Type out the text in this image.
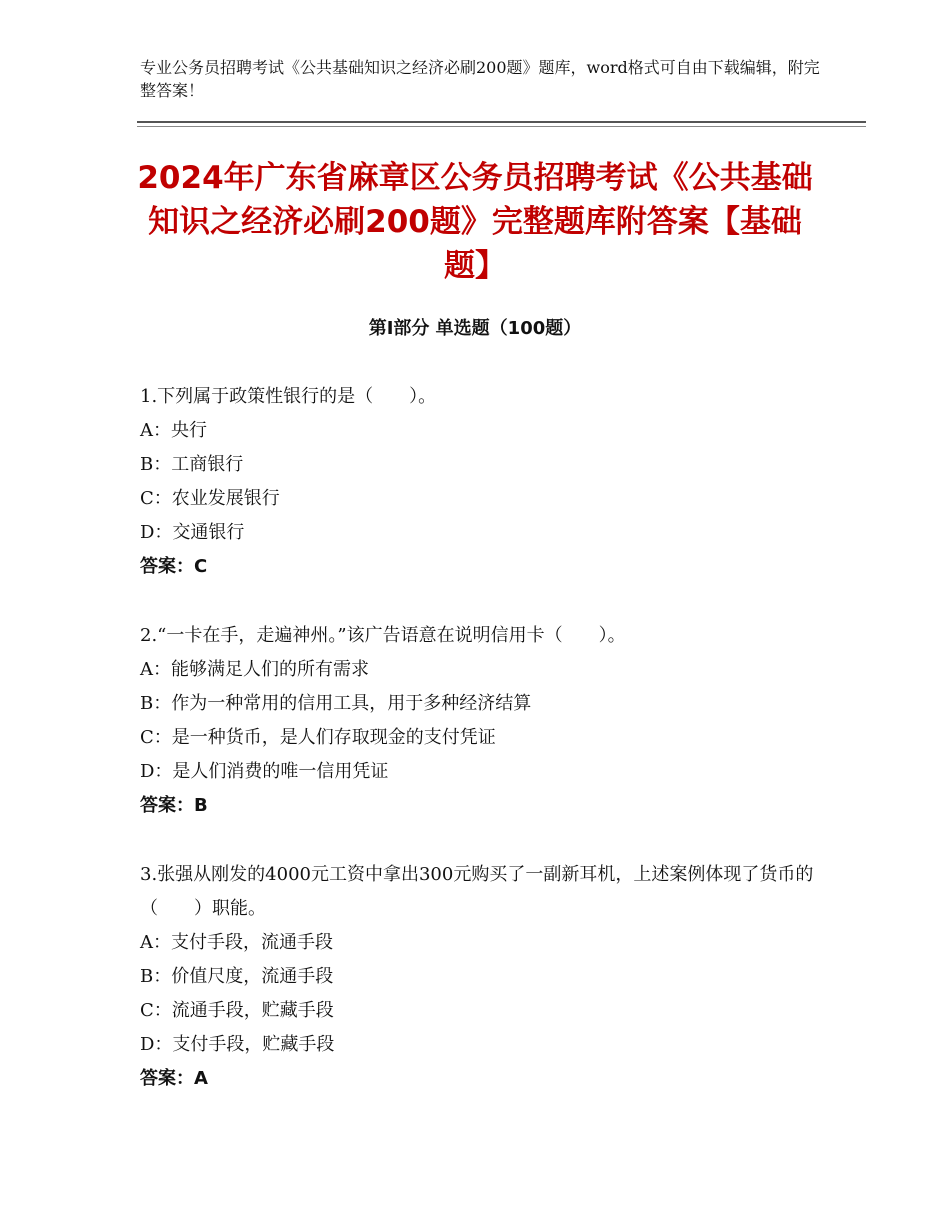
专业公务员招聘考试《公共基础知识之经济必刷200题》题库，word格式可自由下载编辑，附完整答案！
2024年广东省麻章区公务员招聘考试《公共基础知识之经济必刷200题》完整题库附答案【基础题】
第Ⅰ部分 单选题（100题）

1.下列属于政策性银行的是（　　）。

A：央行

B：工商银行

C：农业发展银行

D：交通银行

答案：C

2.“一卡在手，走遍神州。”该广告语意在说明信用卡（　　）。

A：能够满足人们的所有需求

B：作为一种常用的信用工具，用于多种经济结算

C：是一种货币，是人们存取现金的支付凭证

D：是人们消费的唯一信用凭证

答案：B

3.张强从刚发的4000元工资中拿出300元购买了一副新耳机，上述案例体现了货币的（　　）职能。

A：支付手段，流通手段

B：价值尺度，流通手段

C：流通手段，贮藏手段

D：支付手段，贮藏手段

答案：A
